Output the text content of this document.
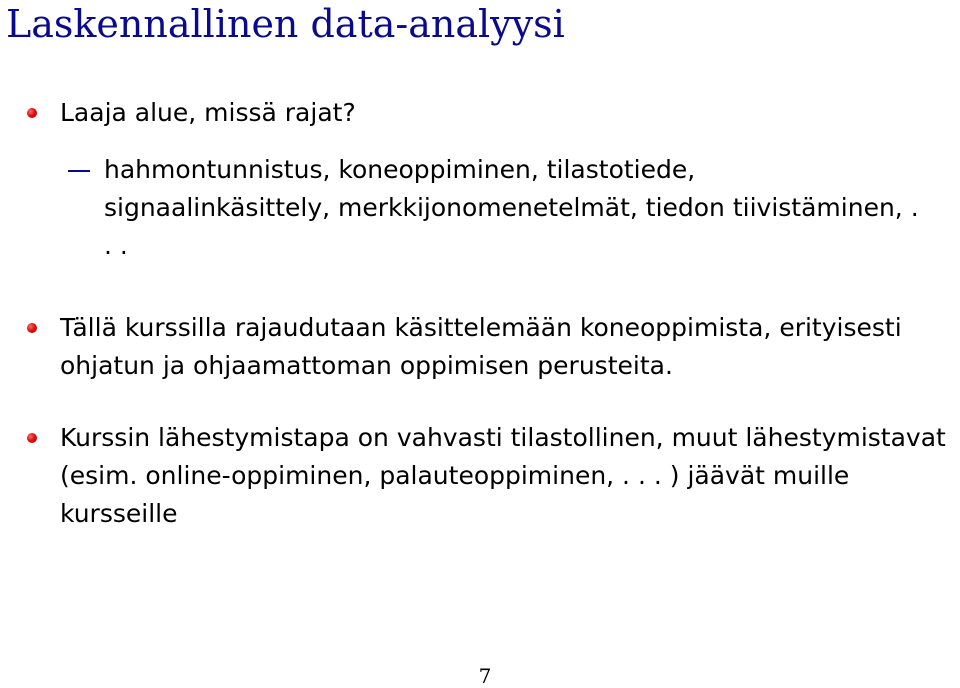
Laskennallinen data-analyysi
Laaja alue, missä rajat?
hahmontunnistus, koneoppiminen, tilastotiede, signaalinkäsittely, merkkijonomenetelmät, tiedon tiivistäminen, . . .
Tällä kurssilla rajaudutaan käsittelemään koneoppimista, erityisesti ohjatun ja ohjaamattoman oppimisen perusteita.
Kurssin lähestymistapa on vahvasti tilastollinen, muut lähestymistavat (esim. online-oppiminen, palauteoppiminen, . . . ) jäävät muille kursseille
7
